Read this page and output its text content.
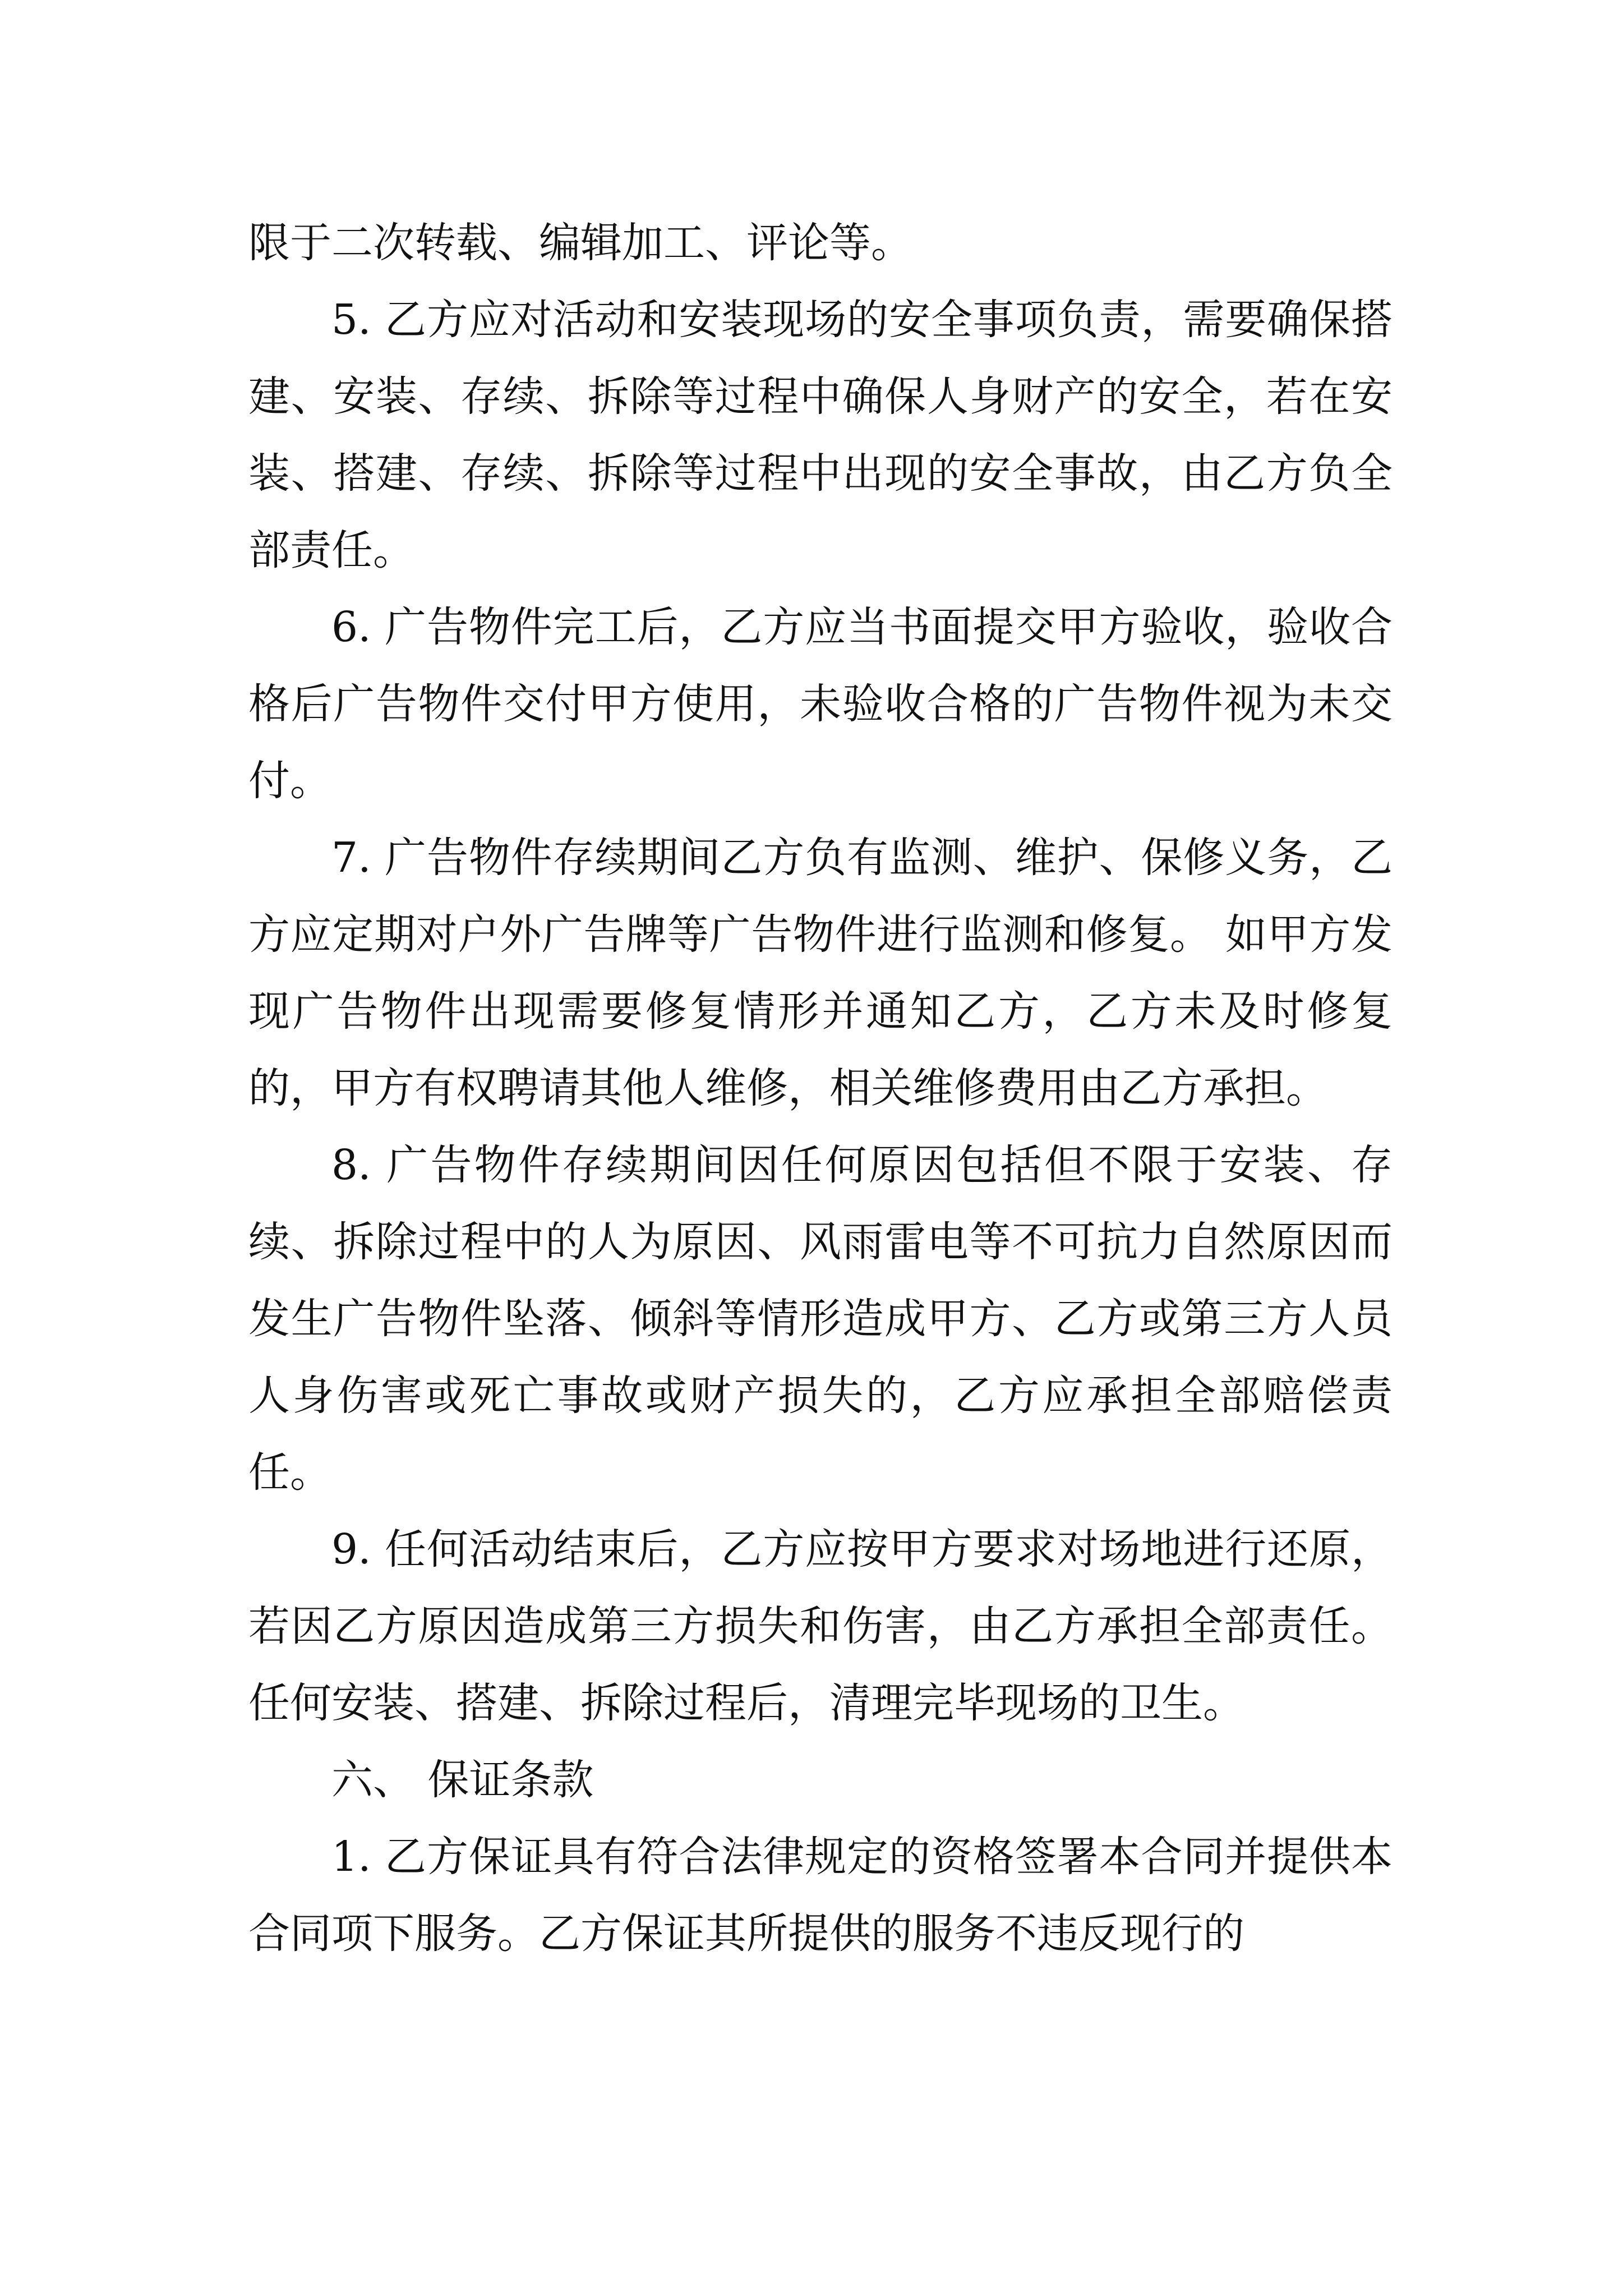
限于二次转载、编辑加工、评论等。

5. 乙方应对活动和安装现场的安全事项负责，需要确保搭建、安装、存续、拆除等过程中确保人身财产的安全，若在安装、搭建、存续、拆除等过程中出现的安全事故，由乙方负全部责任。

6. 广告物件完工后，乙方应当书面提交甲方验收，验收合格后广告物件交付甲方使用，未验收合格的广告物件视为未交付。

7. 广告物件存续期间乙方负有监测、维护、保修义务，乙方应定期对户外广告牌等广告物件进行监测和修复。 如甲方发现广告物件出现需要修复情形并通知乙方，乙方未及时修复的，甲方有权聘请其他人维修，相关维修费用由乙方承担。

8. 广告物件存续期间因任何原因包括但不限于安装、存续、拆除过程中的人为原因、风雨雷电等不可抗力自然原因而发生广告物件坠落、倾斜等情形造成甲方、乙方或第三方人员人身伤害或死亡事故或财产损失的，乙方应承担全部赔偿责任。

9. 任何活动结束后，乙方应按甲方要求对场地进行还原，若因乙方原因造成第三方损失和伤害，由乙方承担全部责任。任何安装、搭建、拆除过程后，清理完毕现场的卫生。

六、 保证条款

1. 乙方保证具有符合法律规定的资格签署本合同并提供本合同项下服务。乙方保证其所提供的服务不违反现行的
